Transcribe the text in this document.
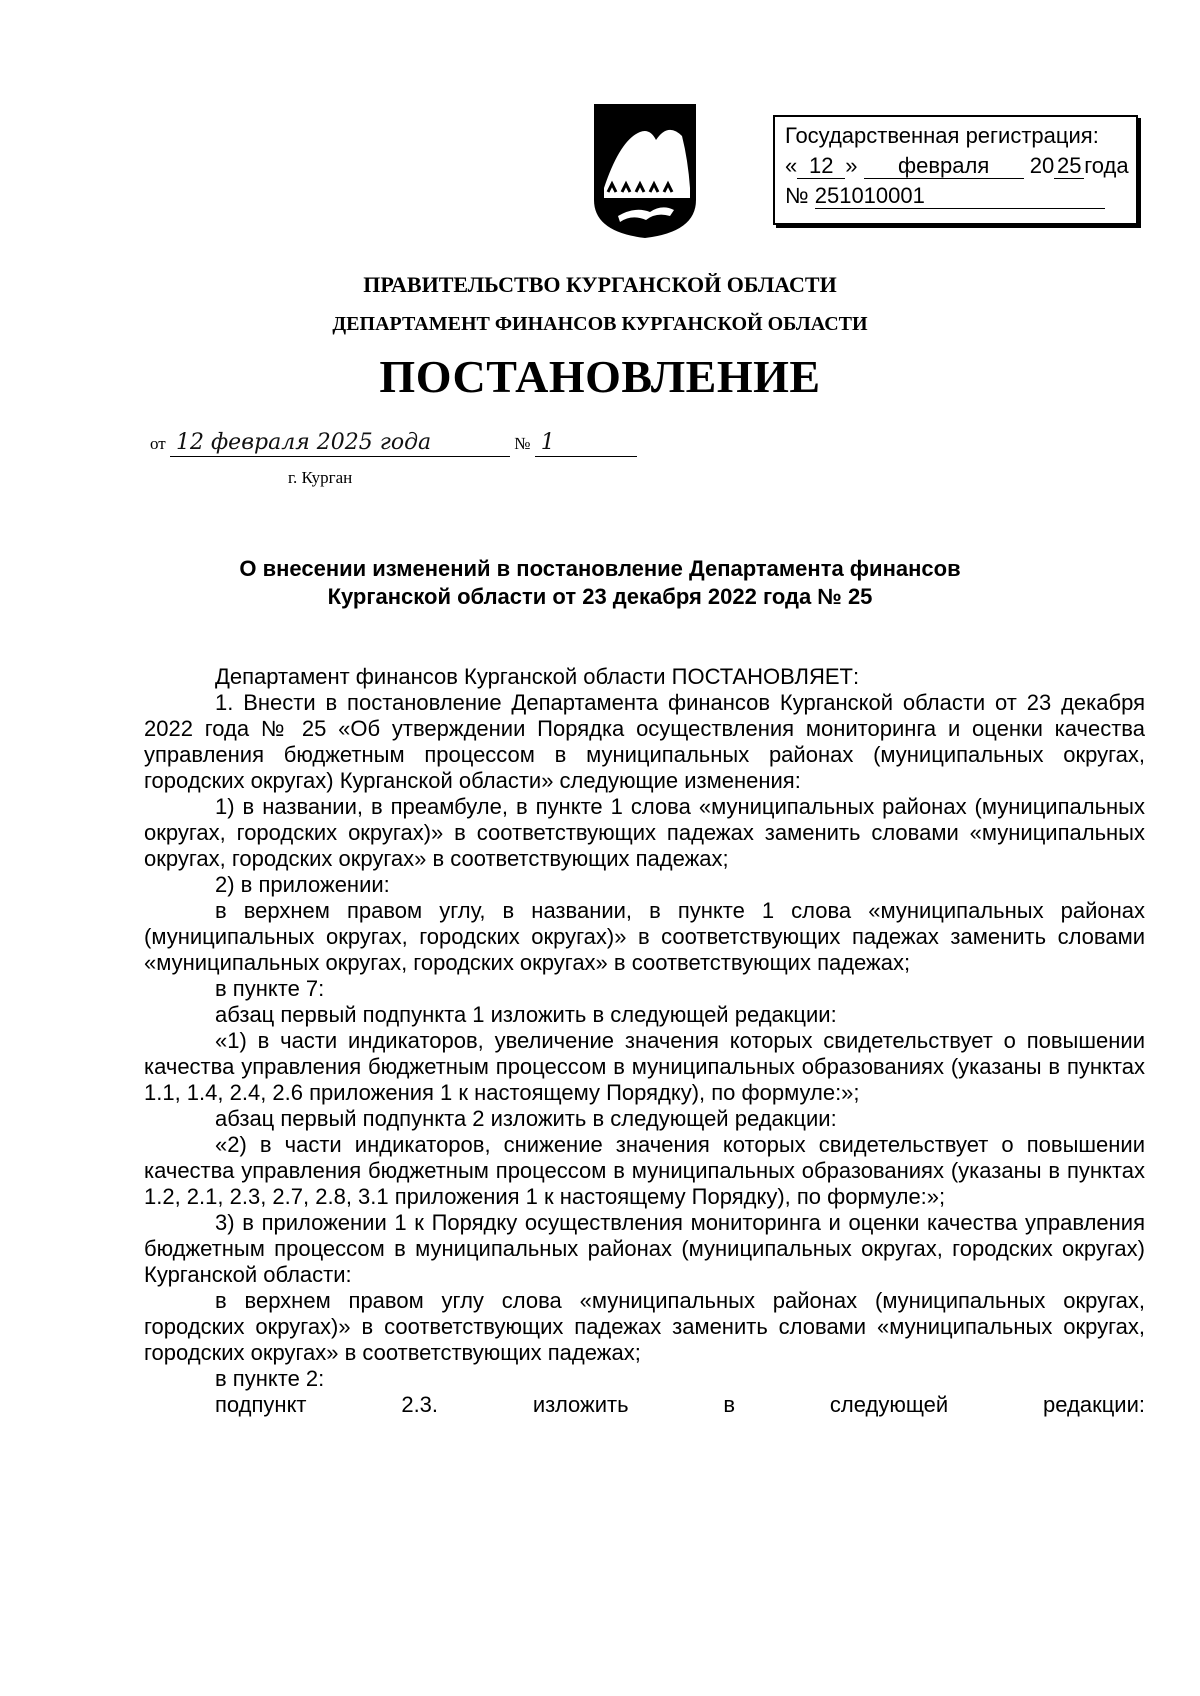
Государственная регистрация:
« 12 » февраля 20 25 года
№ 251010001
ПРАВИТЕЛЬСТВО КУРГАНСКОЙ ОБЛАСТИ
ДЕПАРТАМЕНТ ФИНАНСОВ КУРГАНСКОЙ ОБЛАСТИ
ПОСТАНОВЛЕНИЕ
от 12 февраля 2025 года	№ 1
г. Курган
О внесении изменений в постановление Департамента финансов
Курганской области от 23 декабря 2022 года № 25

Департамент финансов Курганской области ПОСТАНОВЛЯЕТ:

1. Внести в постановление Департамента финансов Курганской области от 23 декабря 2022 года № 25 «Об утверждении Порядка осуществления мониторинга и оценки качества управления бюджетным процессом в муниципальных районах (муниципальных округах, городских округах) Курганской области» следующие изменения:

1) в названии, в преамбуле, в пункте 1 слова «муниципальных районах (муниципальных округах, городских округах)» в соответствующих падежах заменить словами «муниципальных округах, городских округах» в соответствующих падежах;

2) в приложении:

в верхнем правом углу, в названии, в пункте 1 слова «муниципальных районах (муниципальных округах, городских округах)» в соответствующих падежах заменить словами «муниципальных округах, городских округах» в соответствующих падежах;

в пункте 7:

абзац первый подпункта 1 изложить в следующей редакции:

«1) в части индикаторов, увеличение значения которых свидетельствует о повышении качества управления бюджетным процессом в муниципальных образованиях (указаны в пунктах 1.1, 1.4, 2.4, 2.6 приложения 1 к настоящему Порядку), по формуле:»;

абзац первый подпункта 2 изложить в следующей редакции:

«2) в части индикаторов, снижение значения которых свидетельствует о повышении качества управления бюджетным процессом в муниципальных образованиях (указаны в пунктах 1.2, 2.1, 2.3, 2.7, 2.8, 3.1 приложения 1 к настоящему Порядку), по формуле:»;

3) в приложении 1 к Порядку осуществления мониторинга и оценки качества управления бюджетным процессом в муниципальных районах (муниципальных округах, городских округах) Курганской области:

в верхнем правом углу слова «муниципальных районах (муниципальных округах, городских округах)» в соответствующих падежах заменить словами «муниципальных округах, городских округах» в соответствующих падежах;

в пункте 2:

подпункт 2.3. изложить в следующей редакции:
